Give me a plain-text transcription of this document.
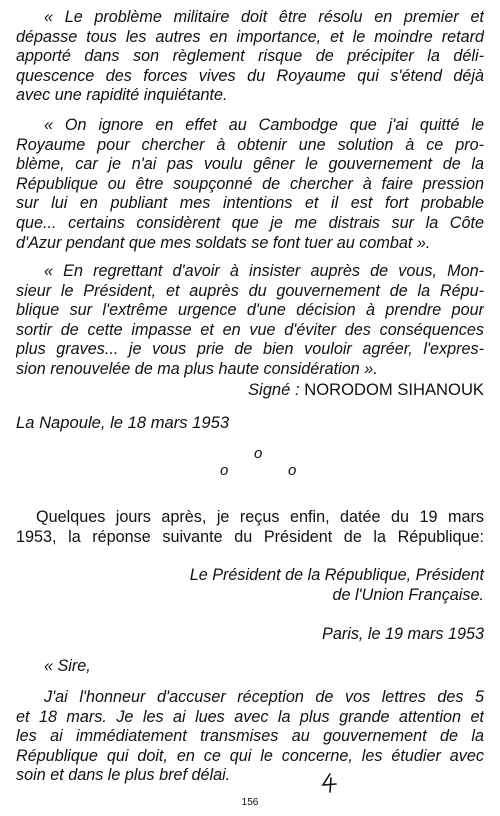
« Le problème militaire doit être résolu en premier et
dépasse tous les autres en importance, et le moindre retard
apporté dans son règlement risque de précipiter la déli-
quescence des forces vives du Royaume qui s'étend déjà
avec une rapidité inquiétante.
« On ignore en effet au Cambodge que j'ai quitté le
Royaume pour chercher à obtenir une solution à ce pro-
blème, car je n'ai pas voulu gêner le gouvernement de la
République ou être soupçonné de chercher à faire pression
sur lui en publiant mes intentions et il est fort probable
que... certains considèrent que je me distrais sur la Côte
d'Azur pendant que mes soldats se font tuer au combat ».
« En regrettant d'avoir à insister auprès de vous, Mon-
sieur le Président, et auprès du gouvernement de la Répu-
blique sur l'extrême urgence d'une décision à prendre pour
sortir de cette impasse et en vue d'éviter des conséquences
plus graves... je vous prie de bien vouloir agréer, l'expres-
sion renouvelée de ma plus haute considération ».
Signé : NORODOM SIHANOUK
La Napoule, le 18 mars 1953
o
o	o
Quelques jours après, je reçus enfin, datée du 19 mars
1953, la réponse suivante du Président de la République:
Le Président de la République, Président
de l'Union Française.
Paris, le 19 mars 1953
« Sire,
J'ai l'honneur d'accuser réception de vos lettres des 5
et 18 mars. Je les ai lues avec la plus grande attention et
les ai immédiatement transmises au gouvernement de la
République qui doit, en ce qui le concerne, les étudier avec
soin et dans le plus bref délai.
156
